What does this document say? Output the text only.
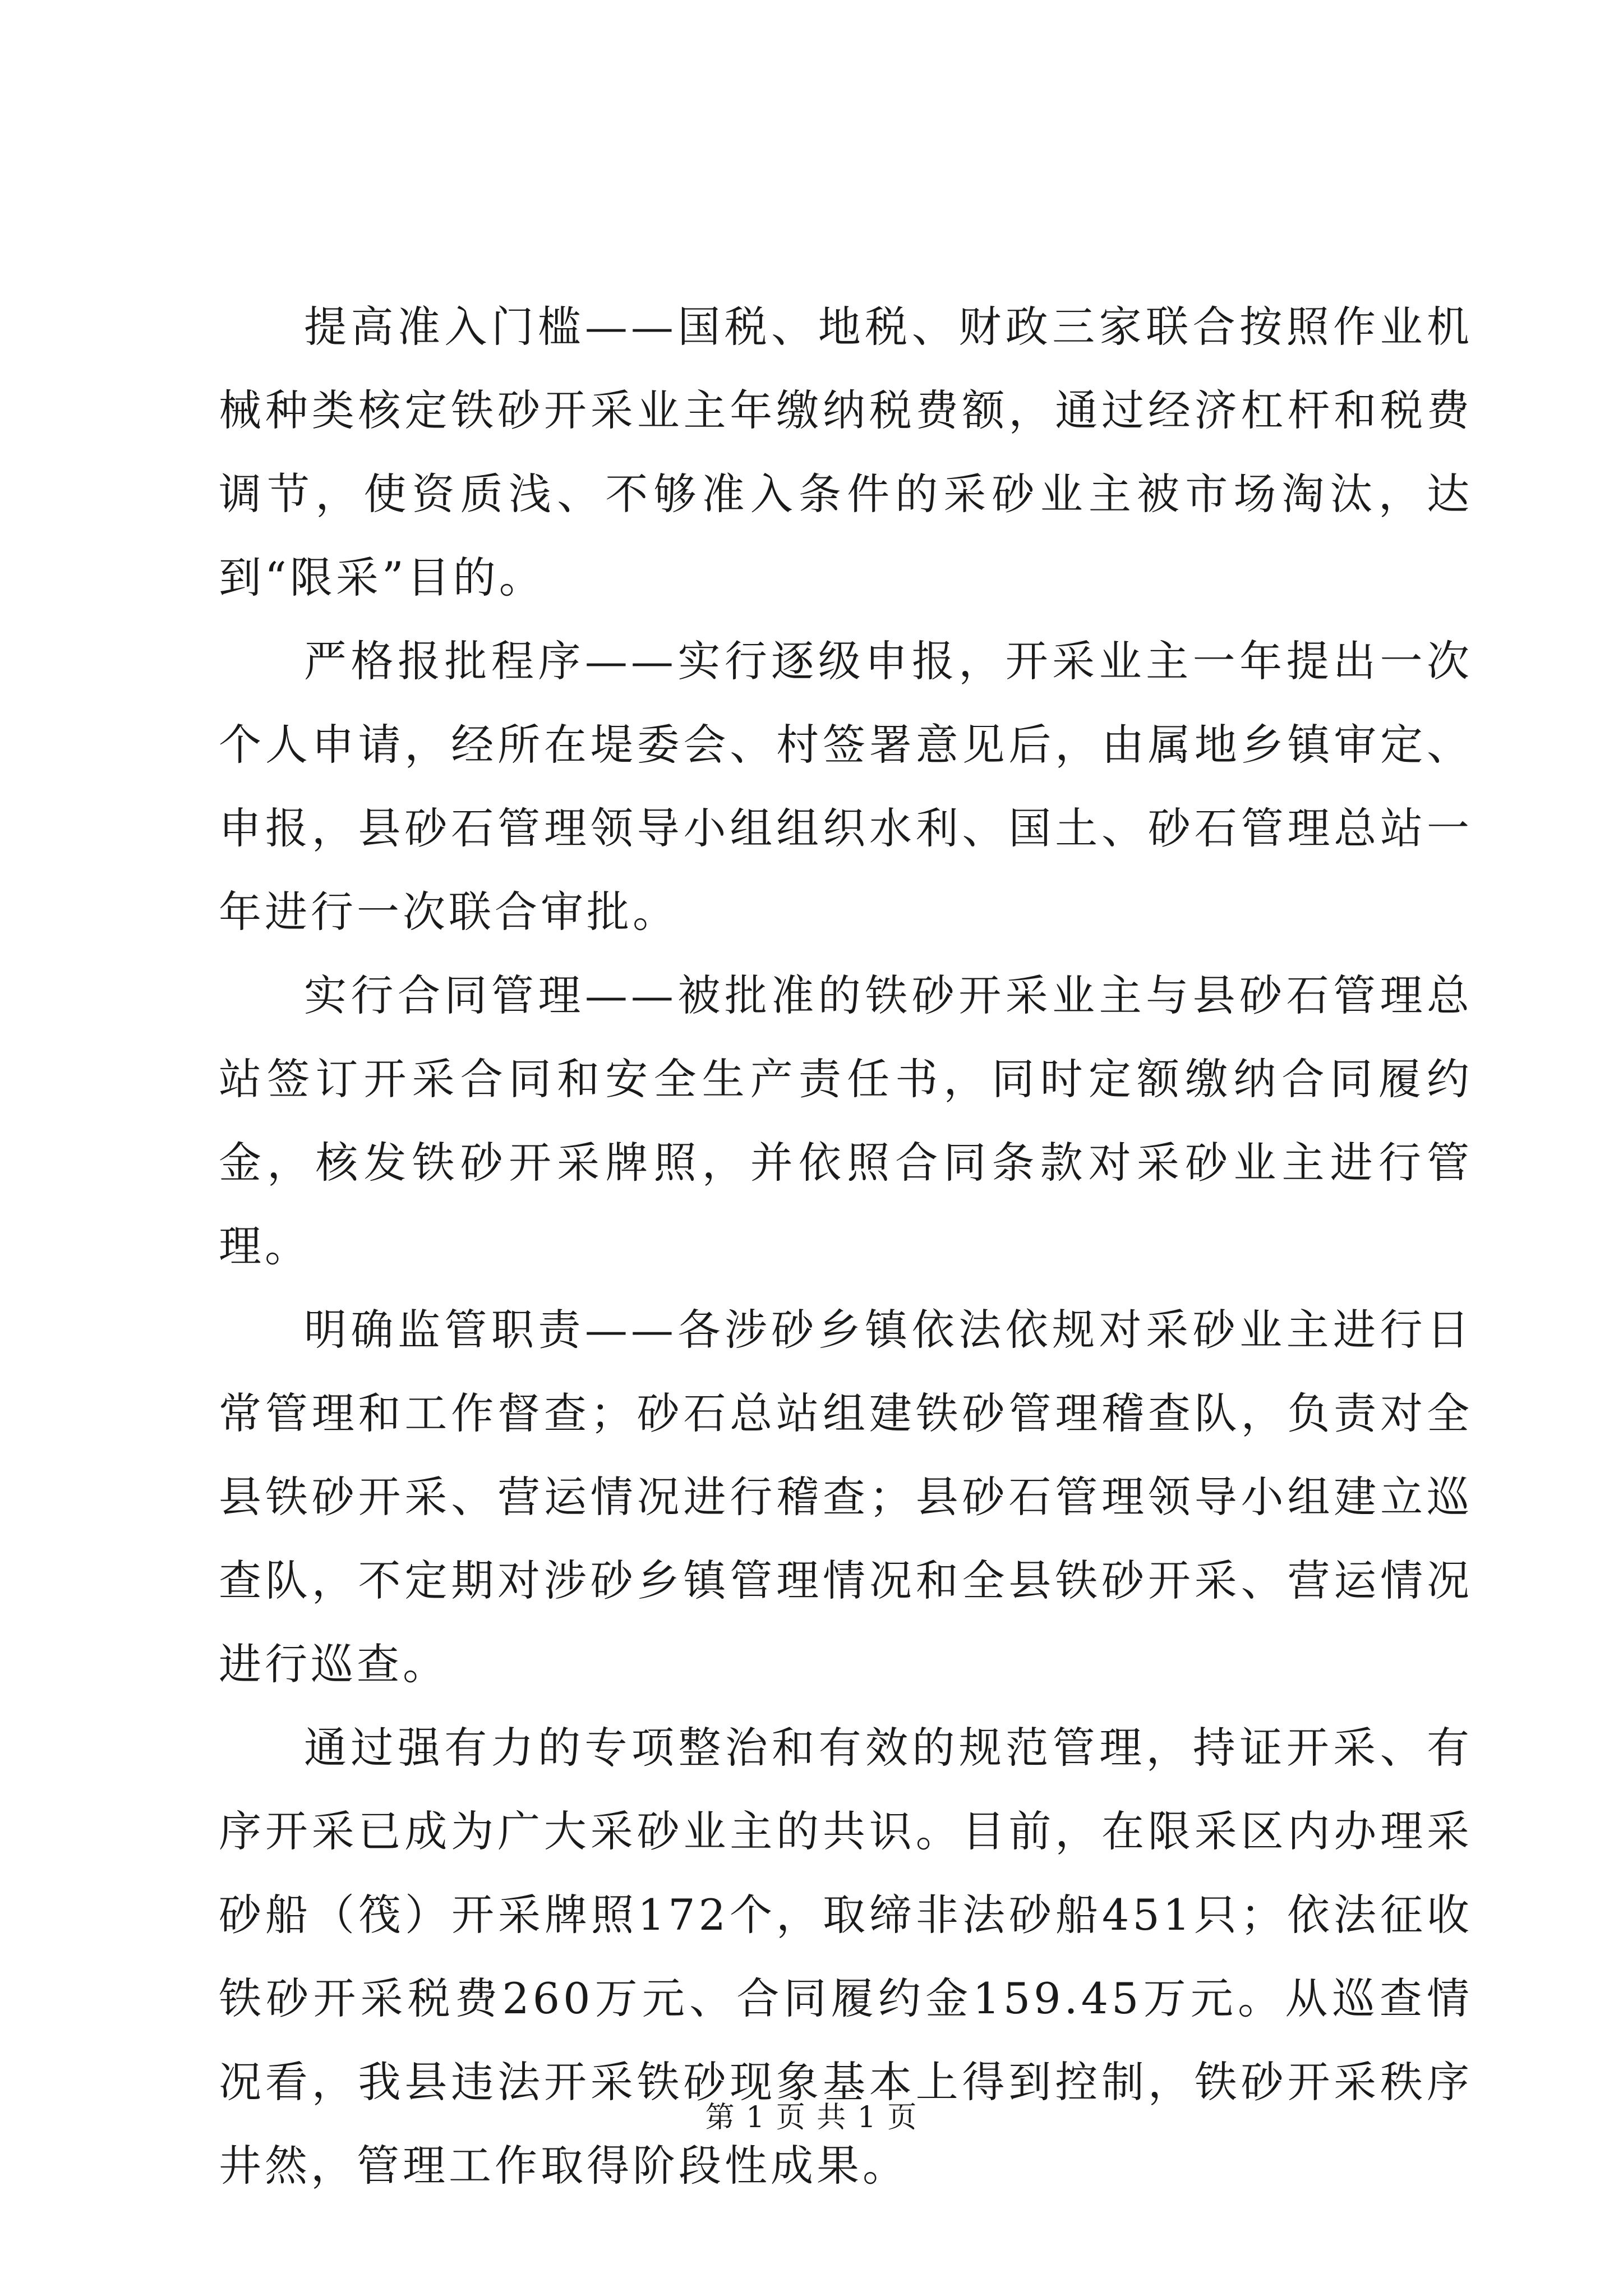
提高准入门槛——国税、地税、财政三家联合按照作业机械种类核定铁砂开采业主年缴纳税费额，通过经济杠杆和税费调节，使资质浅、不够准入条件的采砂业主被市场淘汰，达到“限采”目的。

严格报批程序——实行逐级申报，开采业主一年提出一次个人申请，经所在堤委会、村签署意见后，由属地乡镇审定、申报，县砂石管理领导小组组织水利、国土、砂石管理总站一年进行一次联合审批。

实行合同管理——被批准的铁砂开采业主与县砂石管理总站签订开采合同和安全生产责任书，同时定额缴纳合同履约金，核发铁砂开采牌照，并依照合同条款对采砂业主进行管理。

明确监管职责——各涉砂乡镇依法依规对采砂业主进行日常管理和工作督查；砂石总站组建铁砂管理稽查队，负责对全县铁砂开采、营运情况进行稽查；县砂石管理领导小组建立巡查队，不定期对涉砂乡镇管理情况和全县铁砂开采、营运情况进行巡查。

通过强有力的专项整治和有效的规范管理，持证开采、有序开采已成为广大采砂业主的共识。目前，在限采区内办理采砂船（筏）开采牌照172个，取缔非法砂船451只；依法征收铁砂开采税费260万元、合同履约金159.45万元。从巡查情况看，我县违法开采铁砂现象基本上得到控制，铁砂开采秩序井然，管理工作取得阶段性成果。

第 1 页 共 1 页
